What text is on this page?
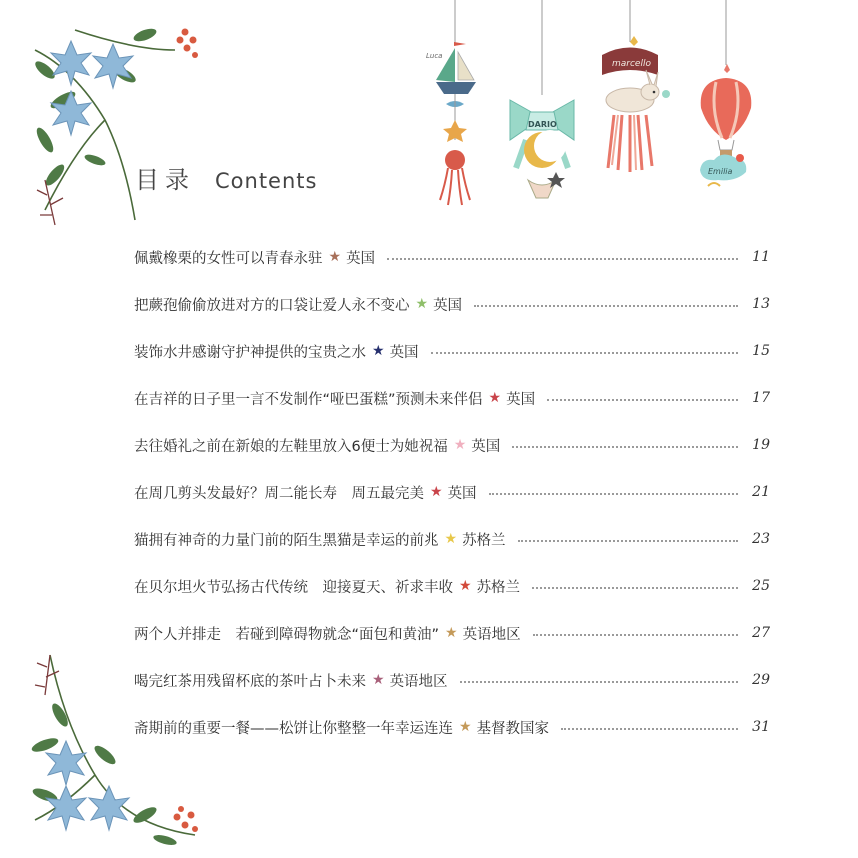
Luca
DARIO
marcello
Emilia
目录 Contents
佩戴橡栗的女性可以青春永驻 ★ 英国	11
把蕨孢偷偷放进对方的口袋让爱人永不变心 ★ 英国	13
装饰水井感谢守护神提供的宝贵之水 ★ 英国	15
在吉祥的日子里一言不发制作“哑巴蛋糕”预测未来伴侣 ★ 英国	17
去往婚礼之前在新娘的左鞋里放入6便士为她祝福 ★ 英国	19
在周几剪头发最好？周二能长寿　周五最完美 ★ 英国	21
猫拥有神奇的力量门前的陌生黑猫是幸运的前兆 ★ 苏格兰	23
在贝尔坦火节弘扬古代传统　迎接夏天、祈求丰收 ★ 苏格兰	25
两个人并排走　若碰到障碍物就念“面包和黄油” ★ 英语地区	27
喝完红茶用残留杯底的茶叶占卜未来 ★ 英语地区	29
斋期前的重要一餐——松饼让你整整一年幸运连连 ★ 基督教国家	31
